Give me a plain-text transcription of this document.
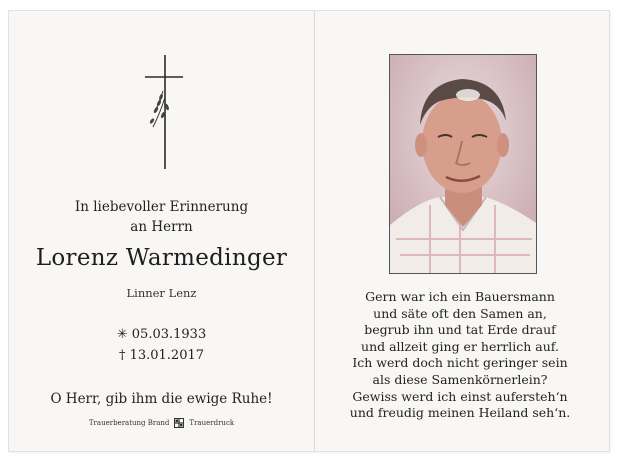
In liebevoller Erinnerung
an Herrn
Lorenz Warmedinger
Linner Lenz
✳ 05.03.1933
† 13.01.2017
O Herr, gib ihm die ewige Ruhe!
Trauerberatung Brand	Trauerdruck
Gern war ich ein Bauersmann
und säte oft den Samen an,
begrub ihn und tat Erde drauf
und allzeit ging er herrlich auf.
Ich werd doch nicht geringer sein
als diese Samenkörnerlein?
Gewiss werd ich einst aufersteh‘n
und freudig meinen Heiland seh‘n.
